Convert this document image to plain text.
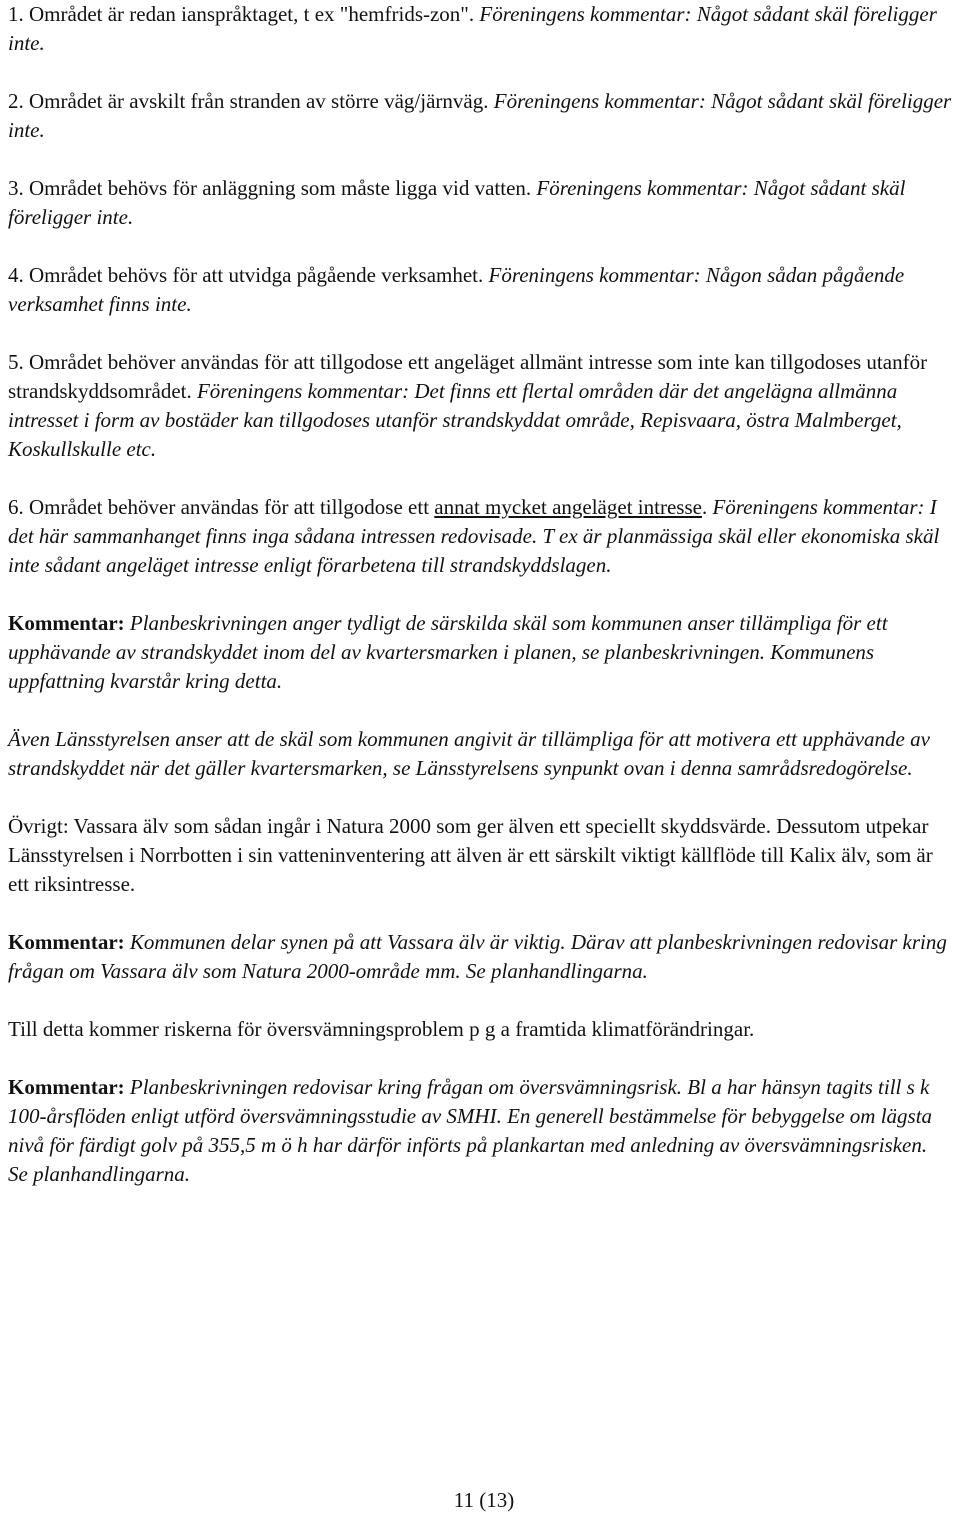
1. Området är redan ianspråktaget, t ex "hemfrids-zon". Föreningens kommentar: Något sådant skäl föreligger inte.

2. Området är avskilt från stranden av större väg/järnväg. Föreningens kommentar: Något sådant skäl föreligger inte.

3. Området behövs för anläggning som måste ligga vid vatten. Föreningens kommentar: Något sådant skäl föreligger inte.

4. Området behövs för att utvidga pågående verksamhet. Föreningens kommentar: Någon sådan pågående verksamhet finns inte.

5. Området behöver användas för att tillgodose ett angeläget allmänt intresse som inte kan tillgodoses utanför strandskyddsområdet. Föreningens kommentar: Det finns ett flertal områden där det angelägna allmänna intresset i form av bostäder kan tillgodoses utanför strandskyddat område, Repisvaara, östra Malmberget, Koskullskulle etc.

6. Området behöver användas för att tillgodose ett annat mycket angeläget intresse. Föreningens kommentar: I det här sammanhanget finns inga sådana intressen redovisade. T ex är planmässiga skäl eller ekonomiska skäl inte sådant angeläget intresse enligt förarbetena till strandskyddslagen.

Kommentar: Planbeskrivningen anger tydligt de särskilda skäl som kommunen anser tillämpliga för ett upphävande av strandskyddet inom del av kvartersmarken i planen, se planbeskrivningen. Kommunens uppfattning kvarstår kring detta.

Även Länsstyrelsen anser att de skäl som kommunen angivit är tillämpliga för att motivera ett upphävande av strandskyddet när det gäller kvartersmarken, se Länsstyrelsens synpunkt ovan i denna samrådsredogörelse.

Övrigt: Vassara älv som sådan ingår i Natura 2000 som ger älven ett speciellt skyddsvärde. Dessutom utpekar Länsstyrelsen i Norrbotten i sin vatteninventering att älven är ett särskilt viktigt källflöde till Kalix älv, som är ett riksintresse.

Kommentar: Kommunen delar synen på att Vassara älv är viktig. Därav att planbeskrivningen redovisar kring frågan om Vassara älv som Natura 2000-område mm. Se planhandlingarna.

Till detta kommer riskerna för översvämningsproblem p g a framtida klimatförändringar.

Kommentar: Planbeskrivningen redovisar kring frågan om översvämningsrisk. Bl a har hänsyn tagits till s k 100-årsflöden enligt utförd översvämningsstudie av SMHI. En generell bestämmelse för bebyggelse om lägsta nivå för färdigt golv på 355,5 m ö h har därför införts på plankartan med anledning av översvämningsrisken. Se planhandlingarna.

11 (13)
